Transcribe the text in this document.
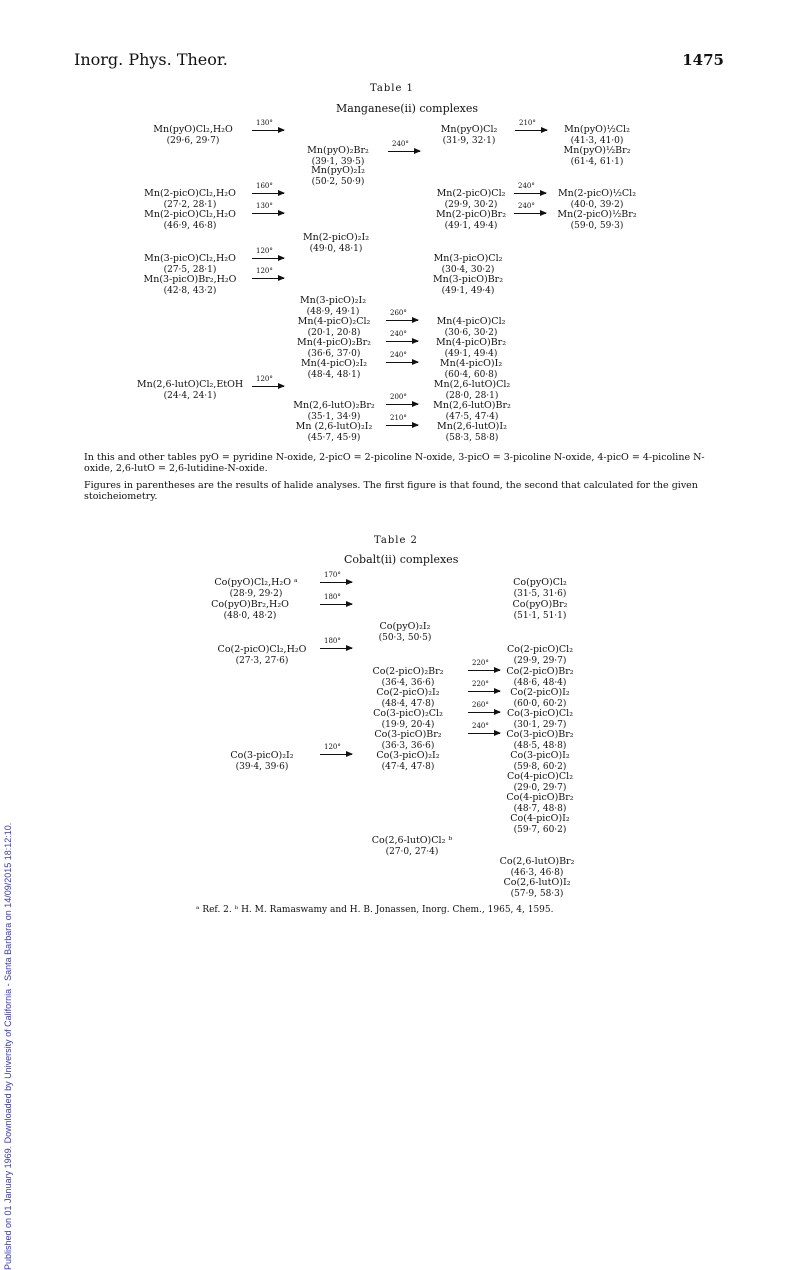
Published on 01 January 1969. Downloaded by University of California - Santa Barbara on 14/09/2015 18:12:10.
Inorg. Phys. Theor.	1475
Table 1
Manganese(ii) complexes
Mn(pyO)Cl₂,H₂O
(29·6, 29·7)
Mn(pyO)₂Br₂
(39·1, 39·5)
Mn(pyO)₂I₂
(50·2, 50·9)
Mn(pyO)Cl₂
(31·9, 32·1)
Mn(pyO)½Cl₂
(41·3, 41·0)
Mn(pyO)½Br₂
(61·4, 61·1)
Mn(2-picO)Cl₂,H₂O
(27·2, 28·1)
Mn(2-picO)Cl₂,H₂O
(46·9, 46·8)
Mn(2-picO)Cl₂
(29·9, 30·2)
Mn(2-picO)Br₂
(49·1, 49·4)
Mn(2-picO)½Cl₂
(40·0, 39·2)
Mn(2-picO)½Br₂
(59·0, 59·3)
Mn(2-picO)₂I₂
(49·0, 48·1)
Mn(3-picO)Cl₂,H₂O
(27·5, 28·1)
Mn(3-picO)Br₂,H₂O
(42·8, 43·2)
Mn(3-picO)Cl₂
(30·4, 30·2)
Mn(3-picO)Br₂
(49·1, 49·4)
Mn(3-picO)₂I₂
(48·9, 49·1)
Mn(4-picO)₂Cl₂
(20·1, 20·8)
Mn(4-picO)₂Br₂
(36·6, 37·0)
Mn(4-picO)₂I₂
(48·4, 48·1)
Mn(4-picO)Cl₂
(30·6, 30·2)
Mn(4-picO)Br₂
(49·1, 49·4)
Mn(4-picO)I₂
(60·4, 60·8)
Mn(2,6-lutO)Cl₂,EtOH
(24·4, 24·1)
Mn(2,6-lutO)Cl₂
(28·0, 28·1)
Mn(2,6-lutO)₂Br₂
(35·1, 34·9)
Mn (2,6-lutO)₂I₂
(45·7, 45·9)
Mn(2,6-lutO)Br₂
(47·5, 47·4)
Mn(2,6-lutO)I₂
(58·3, 58·8)
130°
240°
210°
160°
130°
240°
240°
120°
120°
260°
240°
240°
120°
200°
210°
In this and other tables pyO = pyridine N-oxide, 2-picO = 2-picoline N-oxide, 3-picO = 3-picoline N-oxide, 4-picO = 4-picoline N-oxide, 2,6-lutO = 2,6-lutidine-N-oxide.
Figures in parentheses are the results of halide analyses. The first figure is that found, the second that calculated for the given stoicheiometry.
Table 2
Cobalt(ii) complexes
Co(pyO)Cl₂,H₂O ᵃ
(28·9, 29·2)
Co(pyO)Br₂,H₂O
(48·0, 48·2)
Co(pyO)Cl₂
(31·5, 31·6)
Co(pyO)Br₂
(51·1, 51·1)
Co(pyO)₂I₂
(50·3, 50·5)
Co(2-picO)Cl₂,H₂O
(27·3, 27·6)
Co(2-picO)₂Br₂
(36·4, 36·6)
Co(2-picO)₂I₂
(48·4, 47·8)
Co(3-picO)₂Cl₂
(19·9, 20·4)
Co(3-picO)Br₂
(36·3, 36·6)
Co(3-picO)₂I₂
(47·4, 47·8)
Co(3-picO)₂I₂
(39·4, 39·6)
Co(2-picO)Cl₂
(29·9, 29·7)
Co(2-picO)Br₂
(48·6, 48·4)
Co(2-picO)I₂
(60·0, 60·2)
Co(3-picO)Cl₂
(30·1, 29·7)
Co(3-picO)Br₂
(48·5, 48·8)
Co(3-picO)I₂
(59·8, 60·2)
Co(4-picO)Cl₂
(29·0, 29·7)
Co(4-picO)Br₂
(48·7, 48·8)
Co(4-picO)I₂
(59·7, 60·2)
Co(2,6-lutO)Cl₂ ᵇ
(27·0, 27·4)
Co(2,6-lutO)Br₂
(46·3, 46·8)
Co(2,6-lutO)I₂
(57·9, 58·3)
170°
180°
180°
220°
220°
260°
240°
120°
ᵃ Ref. 2. ᵇ H. M. Ramaswamy and H. B. Jonassen, Inorg. Chem., 1965, 4, 1595.
